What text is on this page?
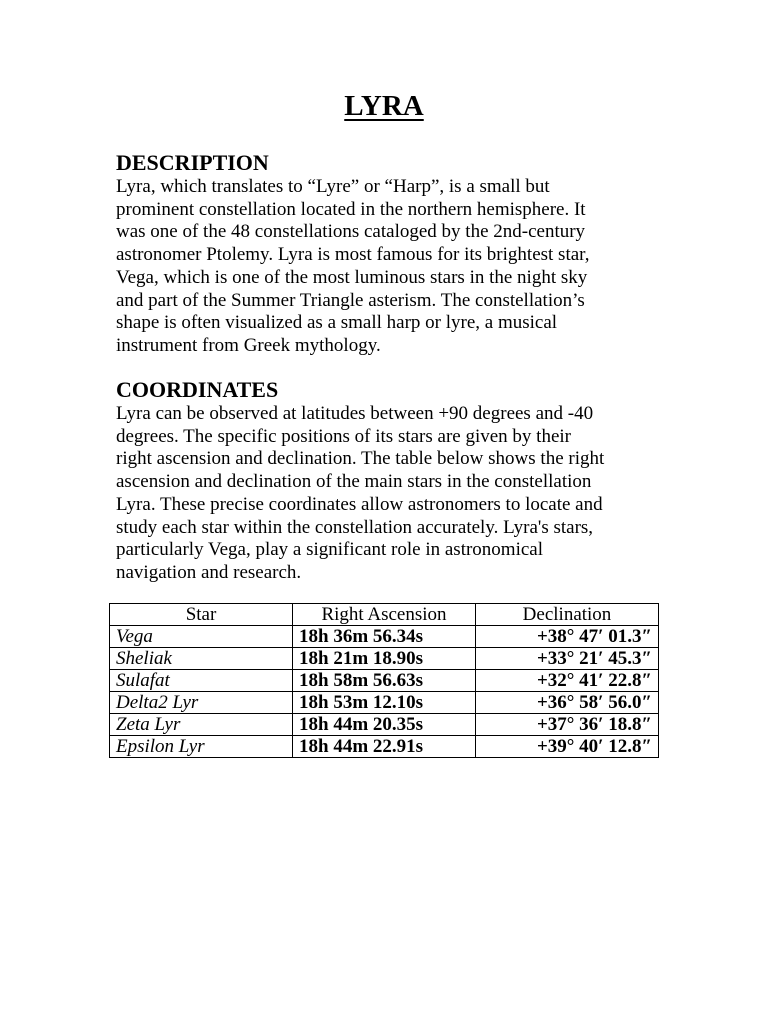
LYRA
DESCRIPTION

Lyra, which translates to “Lyre” or “Harp”, is a small but
prominent constellation located in the northern hemisphere. It
was one of the 48 constellations cataloged by the 2nd-century
astronomer Ptolemy. Lyra is most famous for its brightest star,
Vega, which is one of the most luminous stars in the night sky
and part of the Summer Triangle asterism. The constellation’s
shape is often visualized as a small harp or lyre, a musical
instrument from Greek mythology.

COORDINATES

Lyra can be observed at latitudes between +90 degrees and -40
degrees. The specific positions of its stars are given by their
right ascension and declination. The table below shows the right
ascension and declination of the main stars in the constellation
Lyra. These precise coordinates allow astronomers to locate and
study each star within the constellation accurately. Lyra's stars,
particularly Vega, play a significant role in astronomical
navigation and research.

Star	Right Ascension	Declination
Vega	18h 36m 56.34s	+38° 47′ 01.3″
Sheliak	18h 21m 18.90s	+33° 21′ 45.3″
Sulafat	18h 58m 56.63s	+32° 41′ 22.8″
Delta2 Lyr	18h 53m 12.10s	+36° 58′ 56.0″
Zeta Lyr	18h 44m 20.35s	+37° 36′ 18.8″
Epsilon Lyr	18h 44m 22.91s	+39° 40′ 12.8″
